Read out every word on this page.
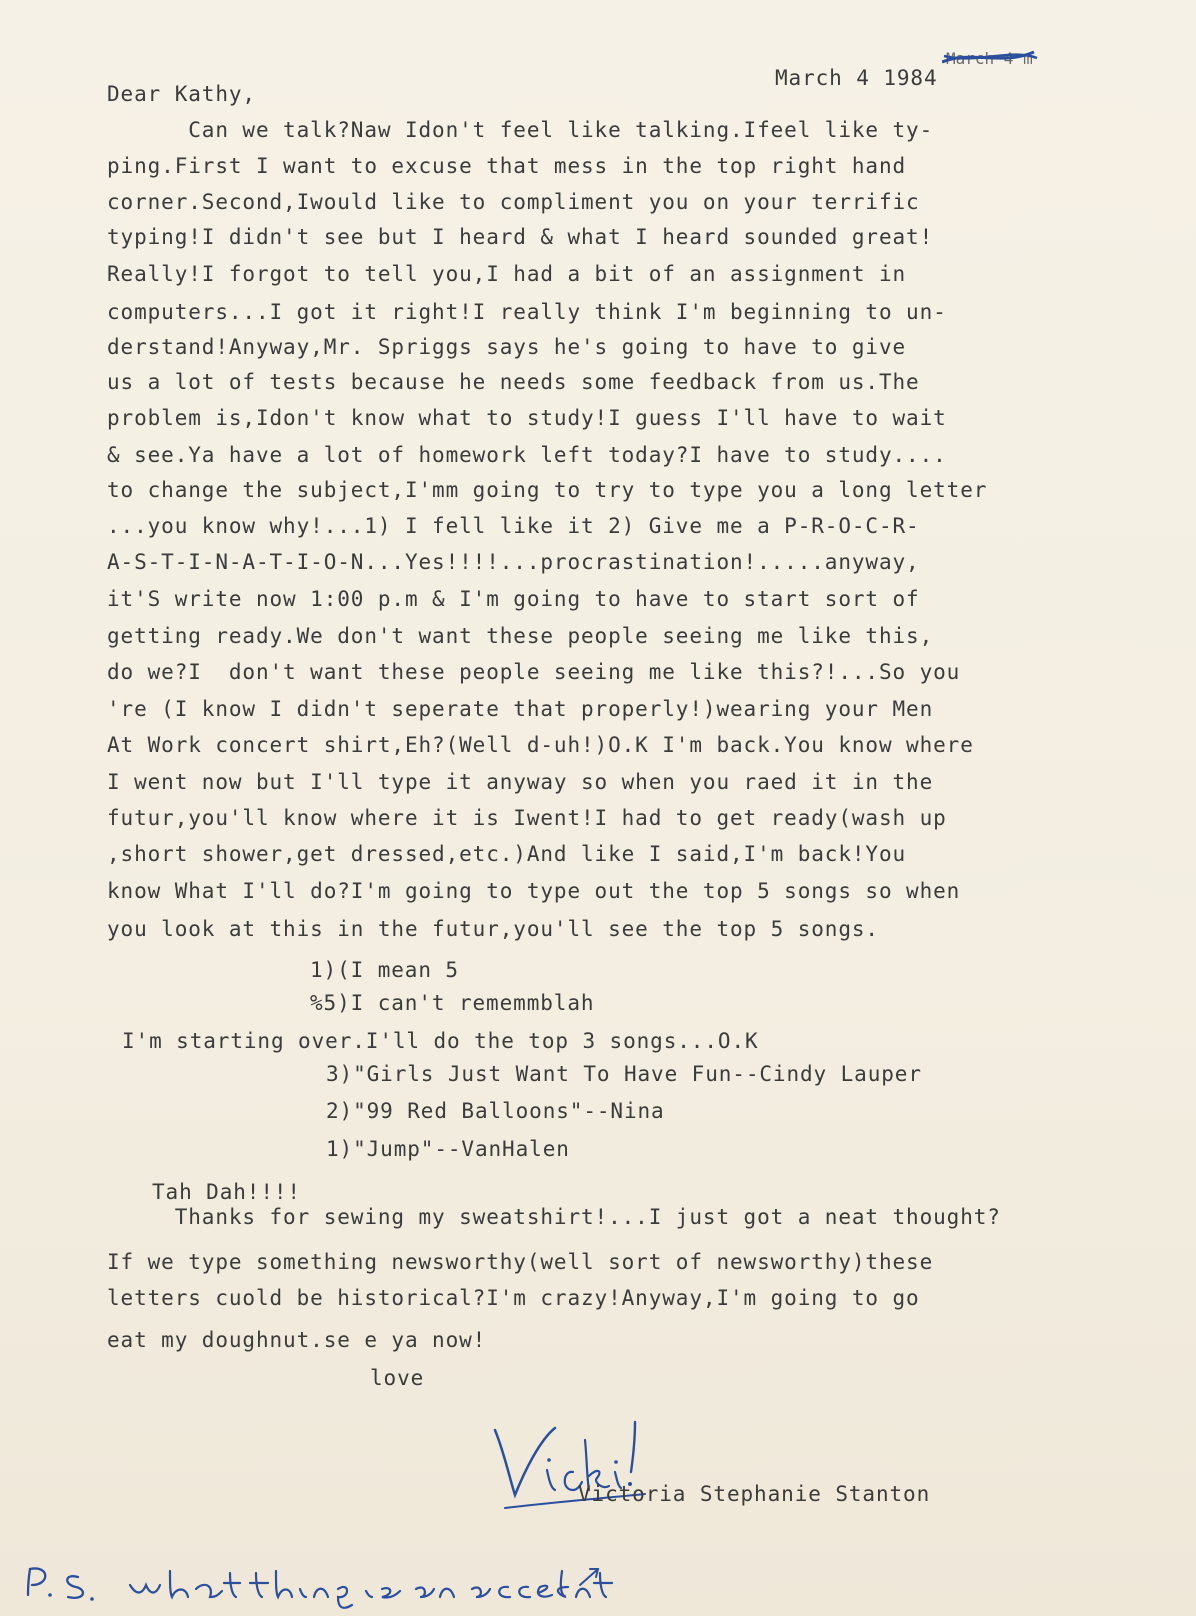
March 4 m
March 4 1984
Dear Kathy,
Can we talk?Naw Idon't feel like talking.Ifeel like ty-
ping.First I want to excuse that mess in the top right hand
corner.Second,Iwould like to compliment you on your terrific
typing!I didn't see but I heard & what I heard sounded great!
Really!I forgot to tell you,I had a bit of an assignment in
computers...I got it right!I really think I'm beginning to un-
derstand!Anyway,Mr. Spriggs says he's going to have to give
us a lot of tests because he needs some feedback from us.The
problem is,Idon't know what to study!I guess I'll have to wait
& see.Ya have a lot of homework left today?I have to study....
to change the subject,I'mm going to try to type you a long letter
...you know why!...1) I fell like it 2) Give me a P-R-O-C-R-
A-S-T-I-N-A-T-I-O-N...Yes!!!!...procrastination!.....anyway,
it'S write now 1:00 p.m & I'm going to have to start sort of
getting ready.We don't want these people seeing me like this,
do we?I  don't want these people seeing me like this?!...So you
're (I know I didn't seperate that properly!)wearing your Men
At Work concert shirt,Eh?(Well d-uh!)O.K I'm back.You know where
I went now but I'll type it anyway so when you raed it in the
futur,you'll know where it is Iwent!I had to get ready(wash up
,short shower,get dressed,etc.)And like I said,I'm back!You
know What I'll do?I'm going to type out the top 5 songs so when
you look at this in the futur,you'll see the top 5 songs.
1)(I mean 5
%5)I can't rememmblah
I'm starting over.I'll do the top 3 songs...O.K
3)"Girls Just Want To Have Fun--Cindy Lauper
2)"99 Red Balloons"--Nina
1)"Jump"--VanHalen
Tah Dah!!!!
Thanks for sewing my sweatshirt!...I just got a neat thought?
If we type something newsworthy(well sort of newsworthy)these
letters cuold be historical?I'm crazy!Anyway,I'm going to go
eat my doughnut.se e ya now!
love
Victoria Stephanie Stanton
